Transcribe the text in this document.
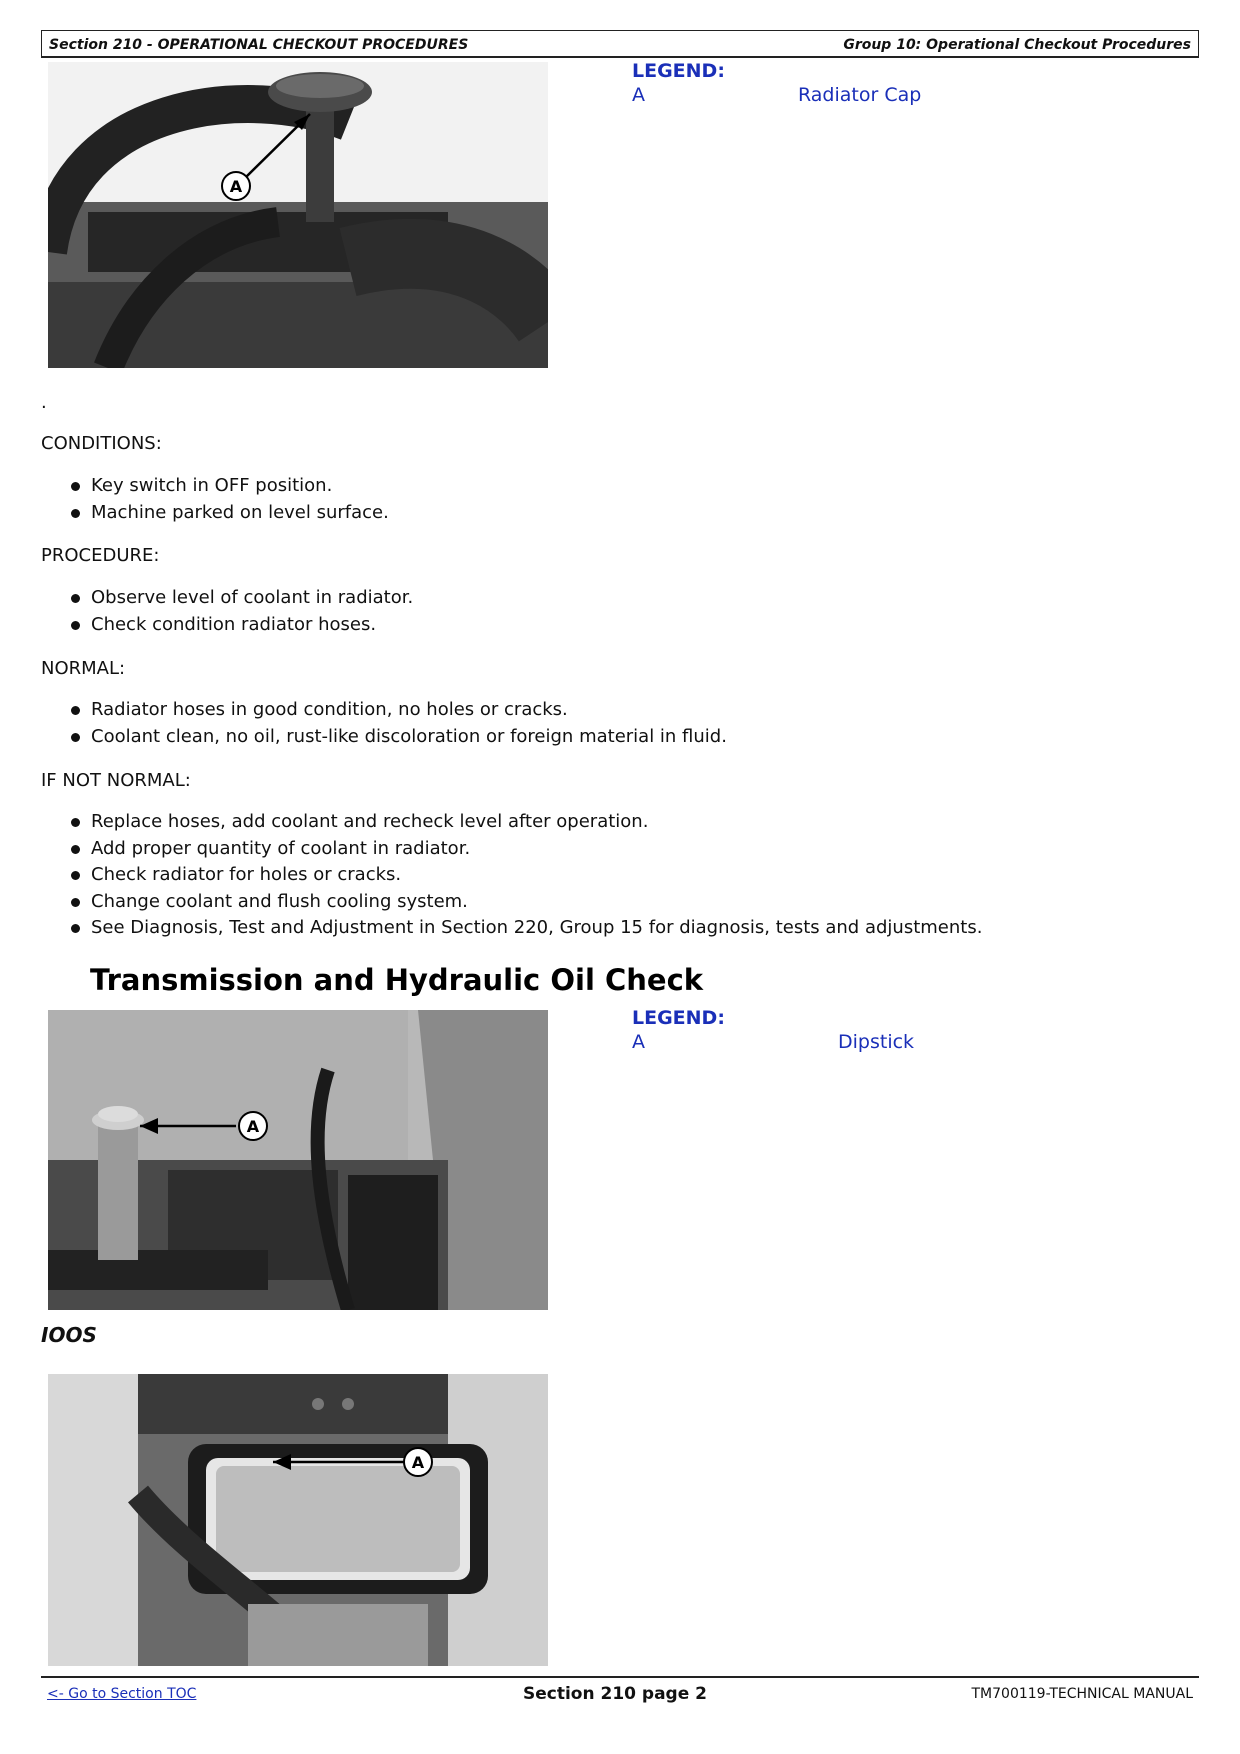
Section 210 - OPERATIONAL CHECKOUT PROCEDURES	Group 10: Operational Checkout Procedures
A
LEGEND:
A	Radiator Cap
.
CONDITIONS:
Key switch in OFF position.
Machine parked on level surface.
PROCEDURE:
Observe level of coolant in radiator.
Check condition radiator hoses.
NORMAL:
Radiator hoses in good condition, no holes or cracks.
Coolant clean, no oil, rust-like discoloration or foreign material in fluid.
IF NOT NORMAL:
Replace hoses, add coolant and recheck level after operation.
Add proper quantity of coolant in radiator.
Check radiator for holes or cracks.
Change coolant and flush cooling system.
See Diagnosis, Test and Adjustment in Section 220, Group 15 for diagnosis, tests and adjustments.
Transmission and Hydraulic Oil Check
A
LEGEND:
A	Dipstick
IOOS
A
<- Go to Section TOC	Section 210 page 2	TM700119-TECHNICAL MANUAL
